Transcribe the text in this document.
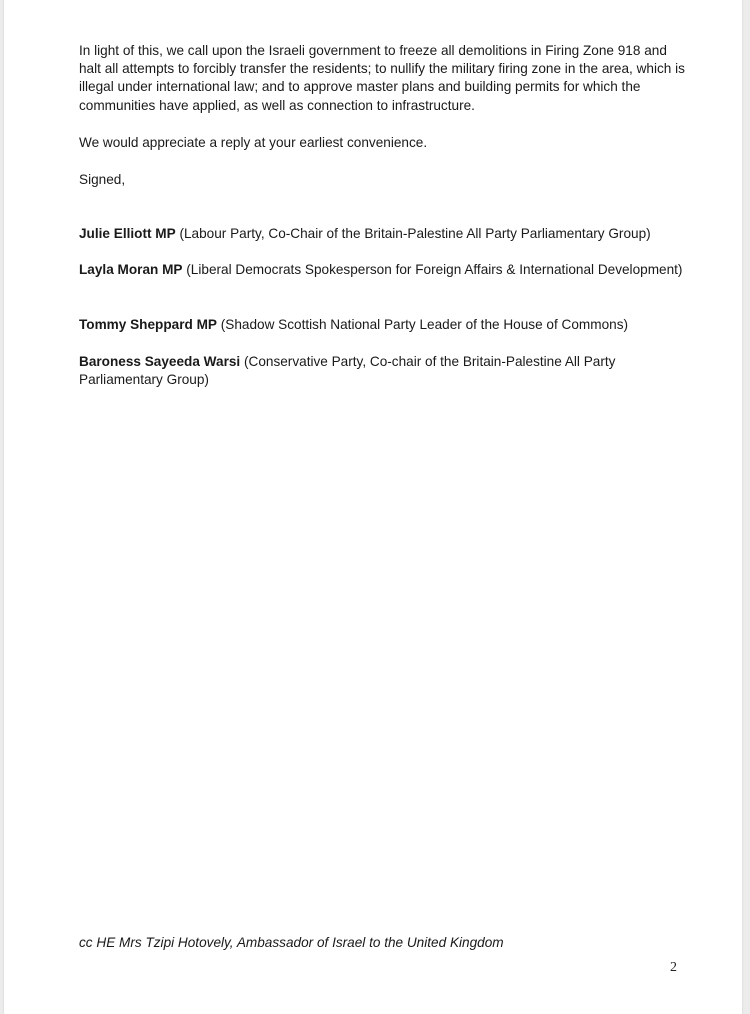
In light of this, we call upon the Israeli government to freeze all demolitions in Firing Zone 918 and halt all attempts to forcibly transfer the residents; to nullify the military firing zone in the area, which is illegal under international law; and to approve master plans and building permits for which the communities have applied, as well as connection to infrastructure.

We would appreciate a reply at your earliest convenience.

Signed,

Julie Elliott MP (Labour Party, Co-Chair of the Britain-Palestine All Party Parliamentary Group)

Layla Moran MP (Liberal Democrats Spokesperson for Foreign Affairs & International Development)

Tommy Sheppard MP (Shadow Scottish National Party Leader of the House of Commons)

Baroness Sayeeda Warsi (Conservative Party, Co-chair of the Britain-Palestine All Party Parliamentary Group)

cc HE Mrs Tzipi Hotovely, Ambassador of Israel to the United Kingdom
2
